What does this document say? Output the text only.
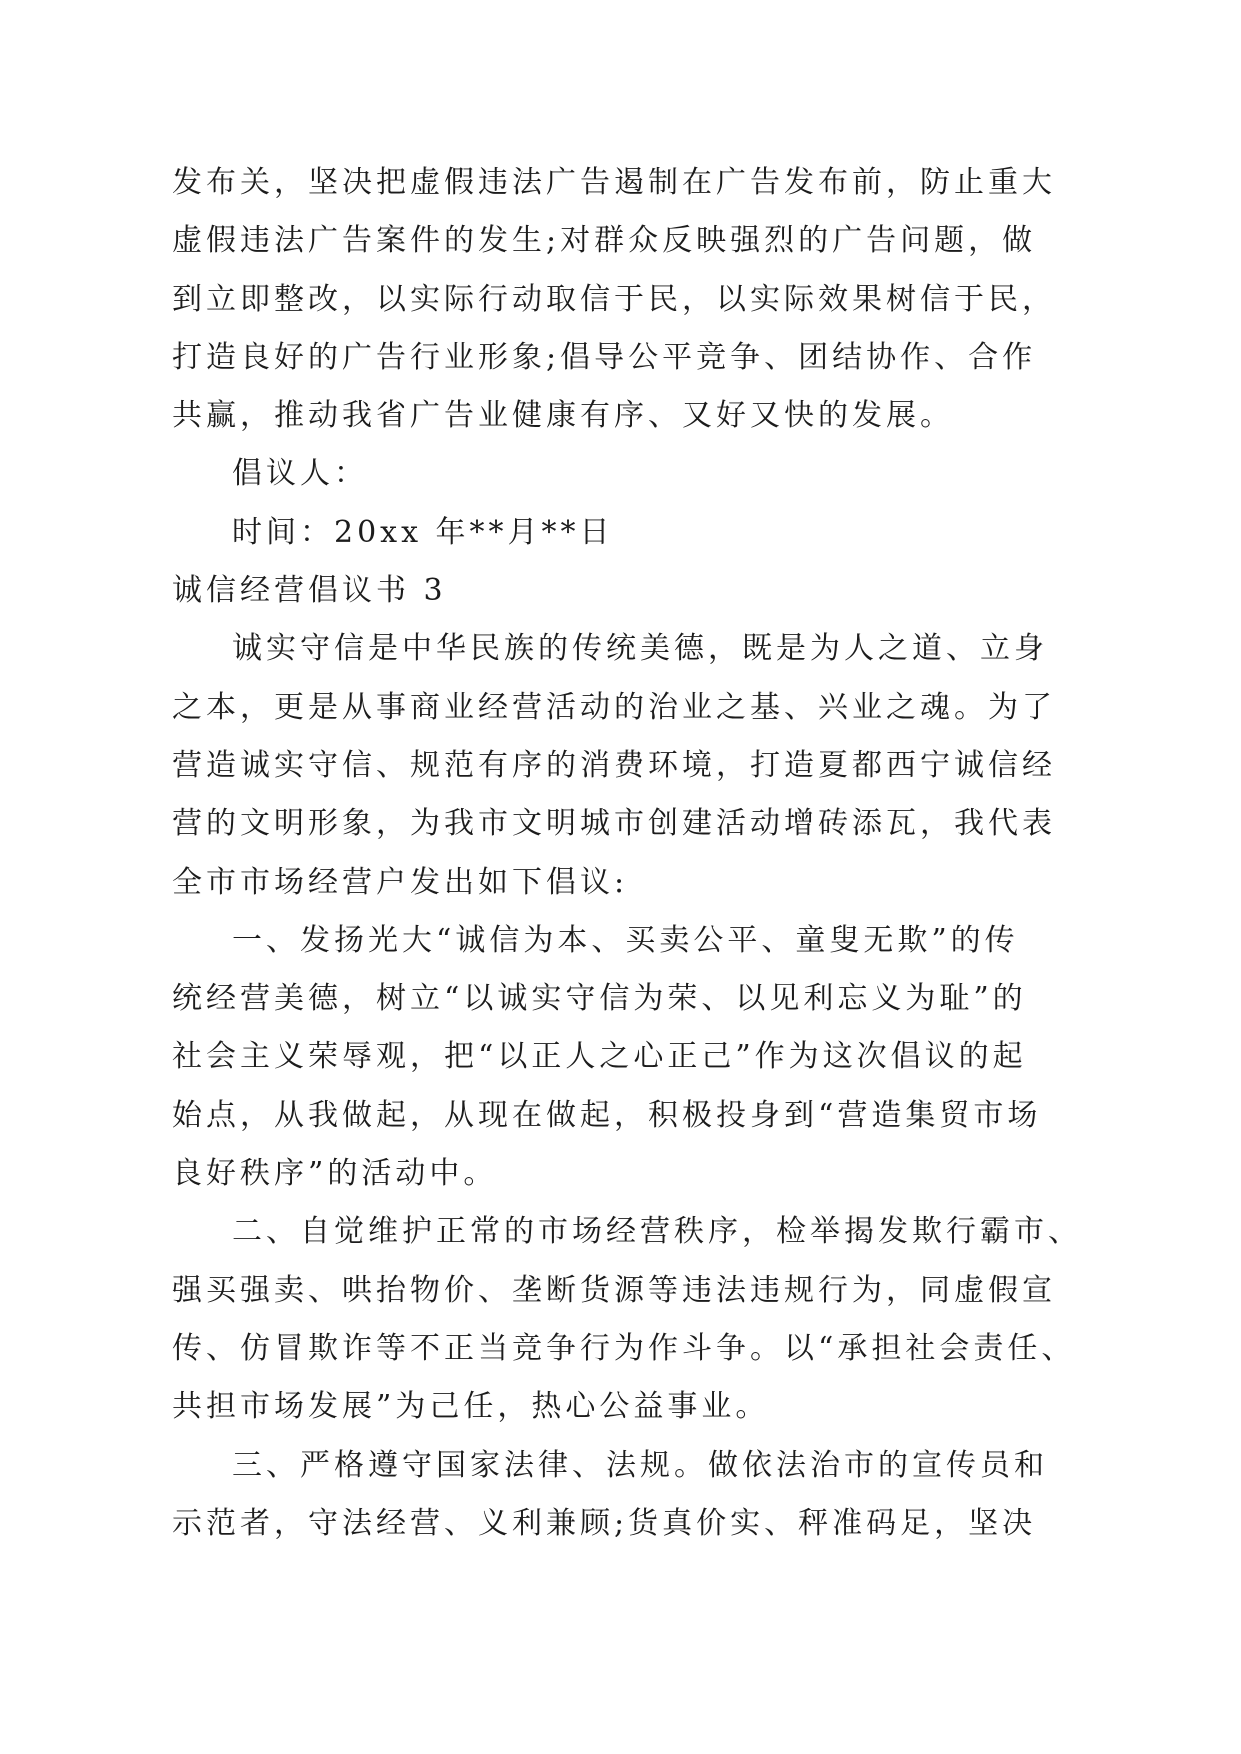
发布关，坚决把虚假违法广告遏制在广告发布前，防止重大
虚假违法广告案件的发生;对群众反映强烈的广告问题，做
到立即整改，以实际行动取信于民，以实际效果树信于民，
打造良好的广告行业形象;倡导公平竞争、团结协作、合作
共赢，推动我省广告业健康有序、又好又快的发展。
倡议人：
时间：20xx 年**月**日
诚信经营倡议书 3
诚实守信是中华民族的传统美德，既是为人之道、立身
之本，更是从事商业经营活动的治业之基、兴业之魂。为了
营造诚实守信、规范有序的消费环境，打造夏都西宁诚信经
营的文明形象，为我市文明城市创建活动增砖添瓦，我代表
全市市场经营户发出如下倡议:
一、发扬光大“诚信为本、买卖公平、童叟无欺”的传
统经营美德，树立“以诚实守信为荣、以见利忘义为耻”的
社会主义荣辱观，把“以正人之心正己”作为这次倡议的起
始点，从我做起，从现在做起，积极投身到“营造集贸市场
良好秩序”的活动中。
二、自觉维护正常的市场经营秩序，检举揭发欺行霸市、
强买强卖、哄抬物价、垄断货源等违法违规行为，同虚假宣
传、仿冒欺诈等不正当竞争行为作斗争。以“承担社会责任、
共担市场发展”为己任，热心公益事业。
三、严格遵守国家法律、法规。做依法治市的宣传员和
示范者，守法经营、义利兼顾;货真价实、秤准码足，坚决
